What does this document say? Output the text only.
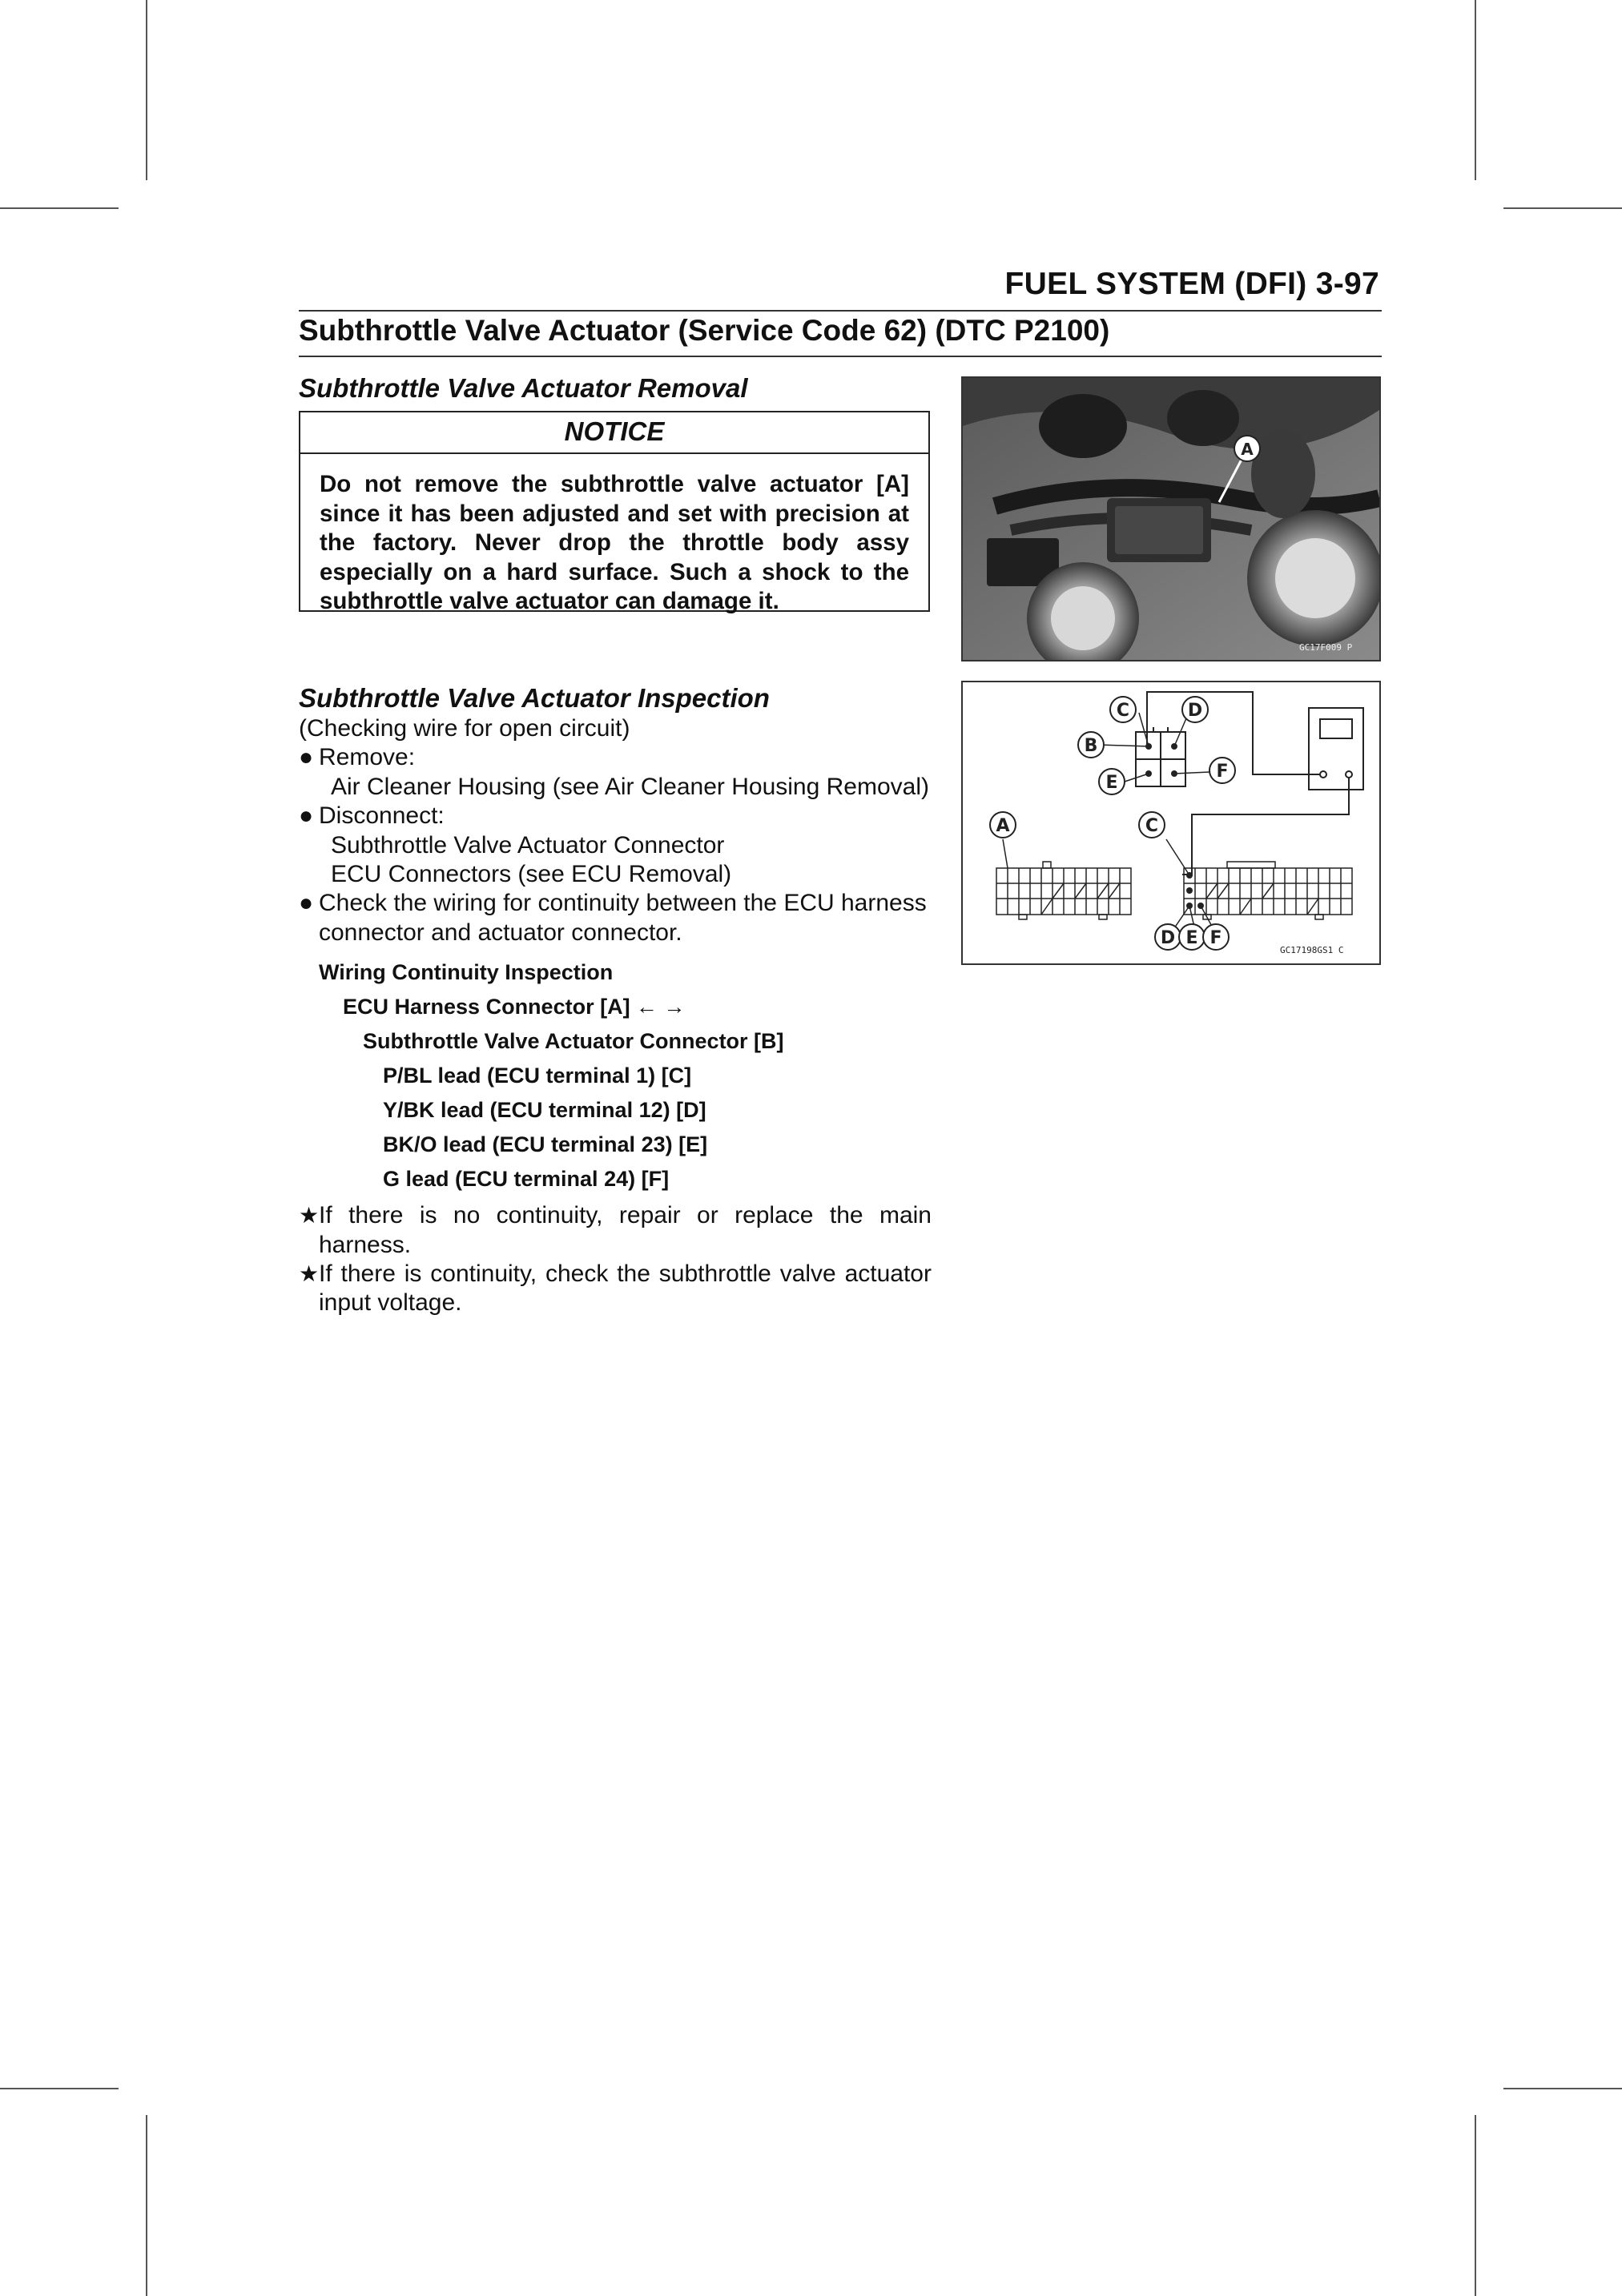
FUEL SYSTEM (DFI) 3-97
Subthrottle Valve Actuator (Service Code 62) (DTC P2100)
Subthrottle Valve Actuator Removal
NOTICE
Do not remove the subthrottle valve actuator [A] since it has been adjusted and set with precision at the factory. Never drop the throttle body assy especially on a hard surface. Such a shock to the subthrottle valve actuator can damage it.
Subthrottle Valve Actuator Inspection
(Checking wire for open circuit)
● Remove:
Air Cleaner Housing (see Air Cleaner Housing Removal)
● Disconnect:
Subthrottle Valve Actuator Connector
ECU Connectors (see ECU Removal)
● Check the wiring for continuity between the ECU harness connector and actuator connector.
Wiring Continuity Inspection
ECU Harness Connector [A] ← →
Subthrottle Valve Actuator Connector [B]
P/BL lead (ECU terminal 1) [C]
Y/BK lead (ECU terminal 12) [D]
BK/O lead (ECU terminal 23) [E]
G lead (ECU terminal 24) [F]
★ If there is no continuity, repair or replace the main harness.
★ If there is continuity, check the subthrottle valve actuator input voltage.
A
GC17F009 P
C	D
B
E
F
A	C
D E F
GC17198GS1 C
